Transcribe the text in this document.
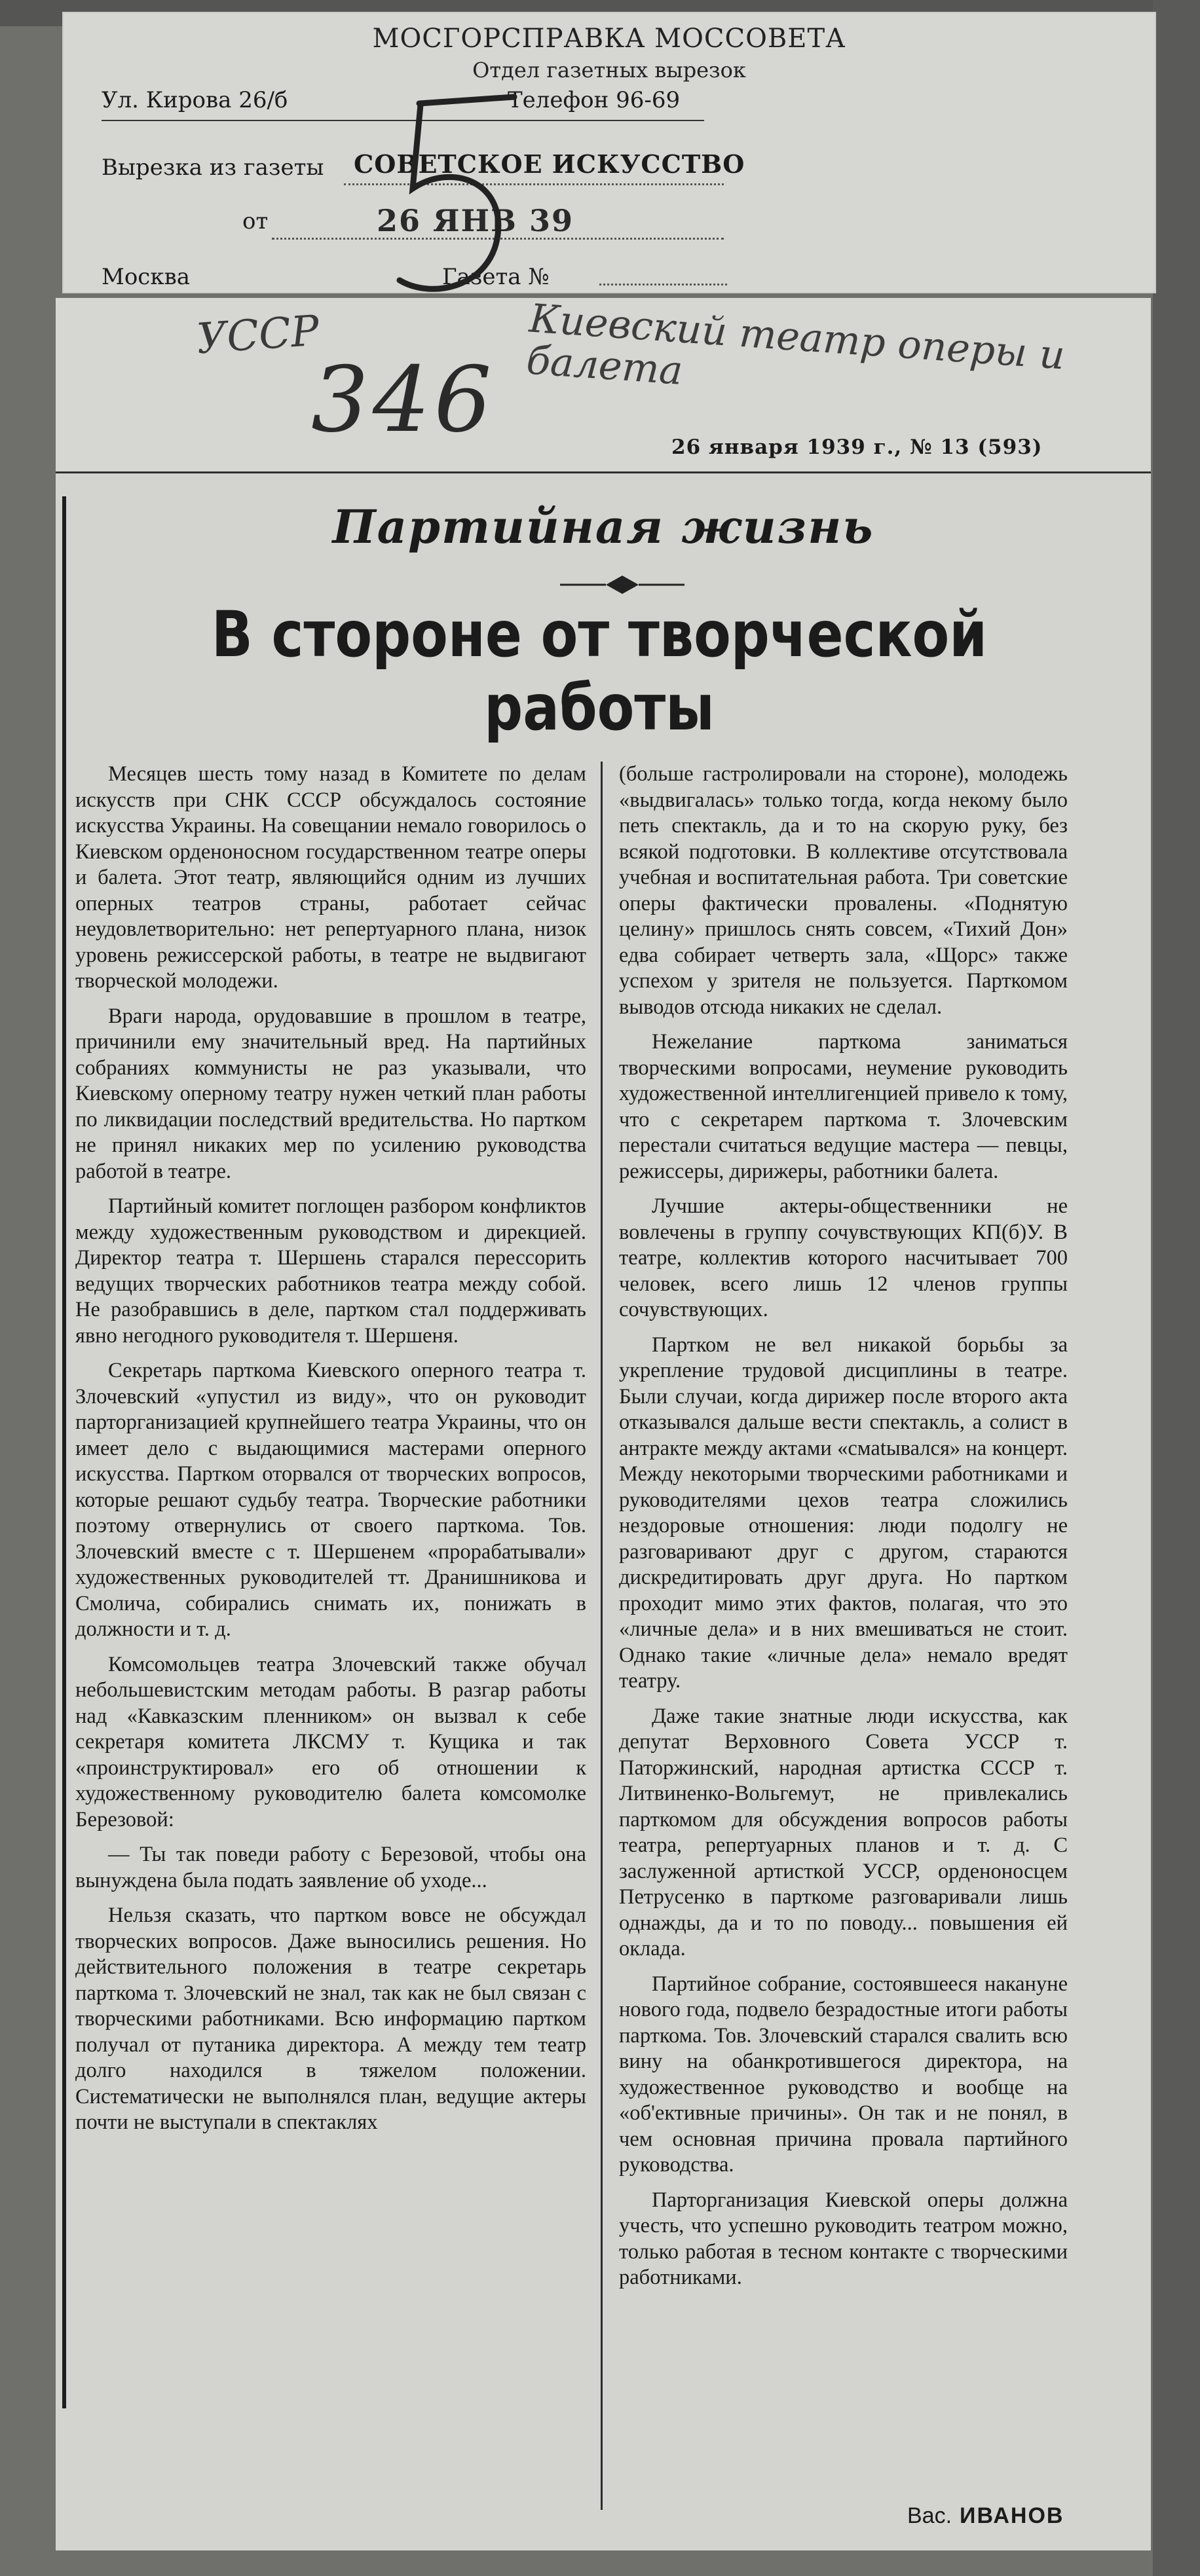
МОСГОРСПРАВКА МОССОВЕТА
Отдел газетных вырезок
Ул. Кирова 26/б	Телефон 96-69
Вырезка из газеты СОВЕТСКОЕ ИСКУССТВО
от	26 ЯНВ 39
Москва	Газета №
УССР
346
Киевский театр оперы и балета
26 января 1939 г., № 13 (593)
Партийная жизнь
В стороне от творческой работы

Месяцев шесть тому назад в Комитете по делам искусств при СНК СССР обсуждалось состояние искусства Украины. На совещании немало говорилось о Киевском орденоносном государственном театре оперы и балета. Этот театр, являющийся одним из лучших оперных театров страны, работает сейчас неудовлетворительно: нет репертуарного плана, низок уровень режиссерской работы, в театре не выдвигают творческой молодежи.

Враги народа, орудовавшие в прошлом в театре, причинили ему значительный вред. На партийных собраниях коммунисты не раз указывали, что Киевскому оперному театру нужен четкий план работы по ликвидации последствий вредительства. Но партком не принял никаких мер по усилению руководства работой в театре.

Партийный комитет поглощен разбором конфликтов между художественным руководством и дирекцией. Директор театра т. Шершень старался перессорить ведущих творческих работников театра между собой. Не разобравшись в деле, партком стал поддерживать явно негодного руководителя т. Шершеня.

Секретарь парткома Киевского оперного театра т. Злочевский «упустил из виду», что он руководит парторганизацией крупнейшего театра Украины, что он имеет дело с выдающимися мастерами оперного искусства. Партком оторвался от творческих вопросов, которые решают судьбу театра. Творческие работники поэтому отвернулись от своего парткома. Тов. Злочевский вместе с т. Шершенем «прорабатывали» художественных руководителей тт. Дранишникова и Смолича, собирались снимать их, понижать в должности и т. д.

Комсомольцев театра Злочевский также обучал небольшевистским методам работы. В разгар работы над «Кавказским пленником» он вызвал к себе секретаря комитета ЛКСМУ т. Кущика и так «проинструктировал» его об отношении к художественному руководителю балета комсомолке Березовой:

— Ты так поведи работу с Березовой, чтобы она вынуждена была подать заявление об уходе...

Нельзя сказать, что партком вовсе не обсуждал творческих вопросов. Даже выносились решения. Но действительного положения в театре секретарь парткома т. Злочевский не знал, так как не был связан с творческими работниками. Всю информацию партком получал от путаника директора. А между тем театр долго находился в тяжелом положении. Систематически не выполнялся план, ведущие актеры почти не выступали в спектаклях

(больше гастролировали на стороне), молодежь «выдвигалась» только тогда, когда некому было петь спектакль, да и то на скорую руку, без всякой подготовки. В коллективе отсутствовала учебная и воспитательная работа. Три советские оперы фактически провалены. «Поднятую целину» пришлось снять совсем, «Тихий Дон» едва собирает четверть зала, «Щорс» также успехом у зрителя не пользуется. Парткомом выводов отсюда никаких не сделал.

Нежелание парткома заниматься творческими вопросами, неумение руководить художественной интеллигенцией привело к тому, что с секретарем парткома т. Злочевским перестали считаться ведущие мастера — певцы, режиссеры, дирижеры, работники балета.

Лучшие актеры-общественники не вовлечены в группу сочувствующих КП(б)У. В театре, коллектив которого насчитывает 700 человек, всего лишь 12 членов группы сочувствующих.

Партком не вел никакой борьбы за укрепление трудовой дисциплины в театре. Были случаи, когда дирижер после второго акта отказывался дальше вести спектакль, а солист в антракте между актами «смatывался» на концерт. Между некоторыми творческими работниками и руководителями цехов театра сложились нездоровые отношения: люди подолгу не разговаривают друг с другом, стараются дискредитировать друг друга. Но партком проходит мимо этих фактов, полагая, что это «личные дела» и в них вмешиваться не стоит. Однако такие «личные дела» немало вредят театру.

Даже такие знатные люди искусства, как депутат Верховного Совета УССР т. Паторжинский, народная артистка СССР т. Литвиненко-Вольгемут, не привлекались парткомом для обсуждения вопросов работы театра, репертуарных планов и т. д. С заслуженной артисткой УССР, орденоносцем Петрусенко в парткоме разговаривали лишь однажды, да и то по поводу... повышения ей оклада.

Партийное собрание, состоявшееся накануне нового года, подвело безрадостные итоги работы парткома. Тов. Злочевский старался свалить всю вину на обанкротившегося директора, на художественное руководство и вообще на «об'ективные причины». Он так и не понял, в чем основная причина провала партийного руководства.

Парторганизация Киевской оперы должна учесть, что успешно руководить театром можно, только работая в тесном контакте с творческими работниками.

Вас. ИВАНОВ
